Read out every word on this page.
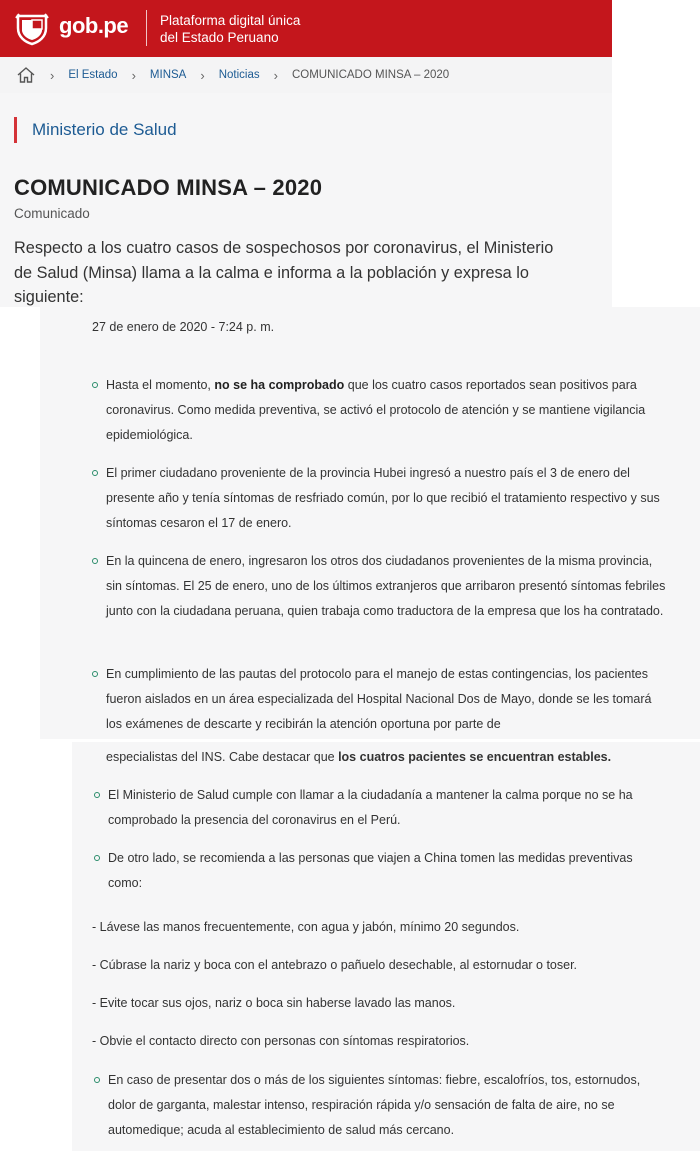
gob.pe Plataforma digital única
del Estado Peruano
› El Estado › MINSA › Noticias › COMUNICADO MINSA – 2020
Ministerio de Salud
COMUNICADO MINSA – 2020
Comunicado

Respecto a los cuatro casos de sospechosos por coronavirus, el Ministerio de Salud (Minsa) llama a la calma e informa a la población y expresa lo siguiente:

27 de enero de 2020 - 7:24 p. m.
Hasta el momento, no se ha comprobado que los cuatro casos reportados sean positivos para coronavirus. Como medida preventiva, se activó el protocolo de atención y se mantiene vigilancia epidemiológica.
El primer ciudadano proveniente de la provincia Hubei ingresó a nuestro país el 3 de enero del presente año y tenía síntomas de resfriado común, por lo que recibió el tratamiento respectivo y sus síntomas cesaron el 17 de enero.
En la quincena de enero, ingresaron los otros dos ciudadanos provenientes de la misma provincia, sin síntomas. El 25 de enero, uno de los últimos extranjeros que arribaron presentó síntomas febriles junto con la ciudadana peruana, quien trabaja como traductora de la empresa que los ha contratado.
En cumplimiento de las pautas del protocolo para el manejo de estas contingencias, los pacientes fueron aislados en un área especializada del Hospital Nacional Dos de Mayo, donde se les tomará los exámenes de descarte y recibirán la atención oportuna por parte de
especialistas del INS. Cabe destacar que los cuatros pacientes se encuentran estables.
El Ministerio de Salud cumple con llamar a la ciudadanía a mantener la calma porque no se ha comprobado la presencia del coronavirus en el Perú.
De otro lado, se recomienda a las personas que viajen a China tomen las medidas preventivas como:
- Lávese las manos frecuentemente, con agua y jabón, mínimo 20 segundos.
- Cúbrase la nariz y boca con el antebrazo o pañuelo desechable, al estornudar o toser.
- Evite tocar sus ojos, nariz o boca sin haberse lavado las manos.
- Obvie el contacto directo con personas con síntomas respiratorios.
En caso de presentar dos o más de los siguientes síntomas: fiebre, escalofríos, tos, estornudos, dolor de garganta, malestar intenso, respiración rápida y/o sensación de falta de aire, no se automedique; acuda al establecimiento de salud más cercano.
